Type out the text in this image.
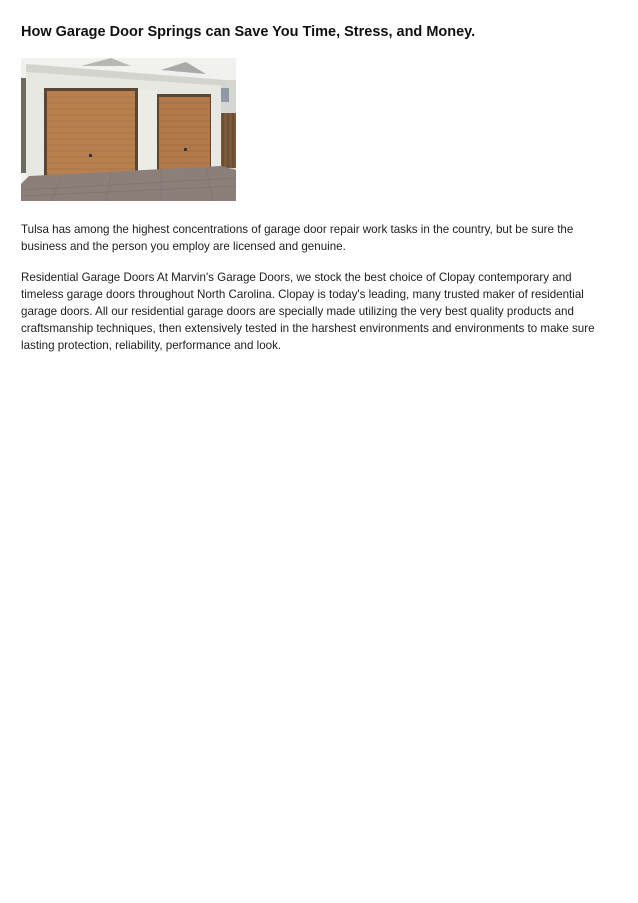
How Garage Door Springs can Save You Time, Stress, and Money.

Tulsa has among the highest concentrations of garage door repair work tasks in the country, but be sure the business and the person you employ are licensed and genuine.

Residential Garage Doors At Marvin's Garage Doors, we stock the best choice of Clopay contemporary and timeless garage doors throughout North Carolina. Clopay is today's leading, many trusted maker of residential garage doors. All our residential garage doors are specially made utilizing the very best quality products and craftsmanship techniques, then extensively tested in the harshest environments and environments to make sure lasting protection, reliability, performance and look.
